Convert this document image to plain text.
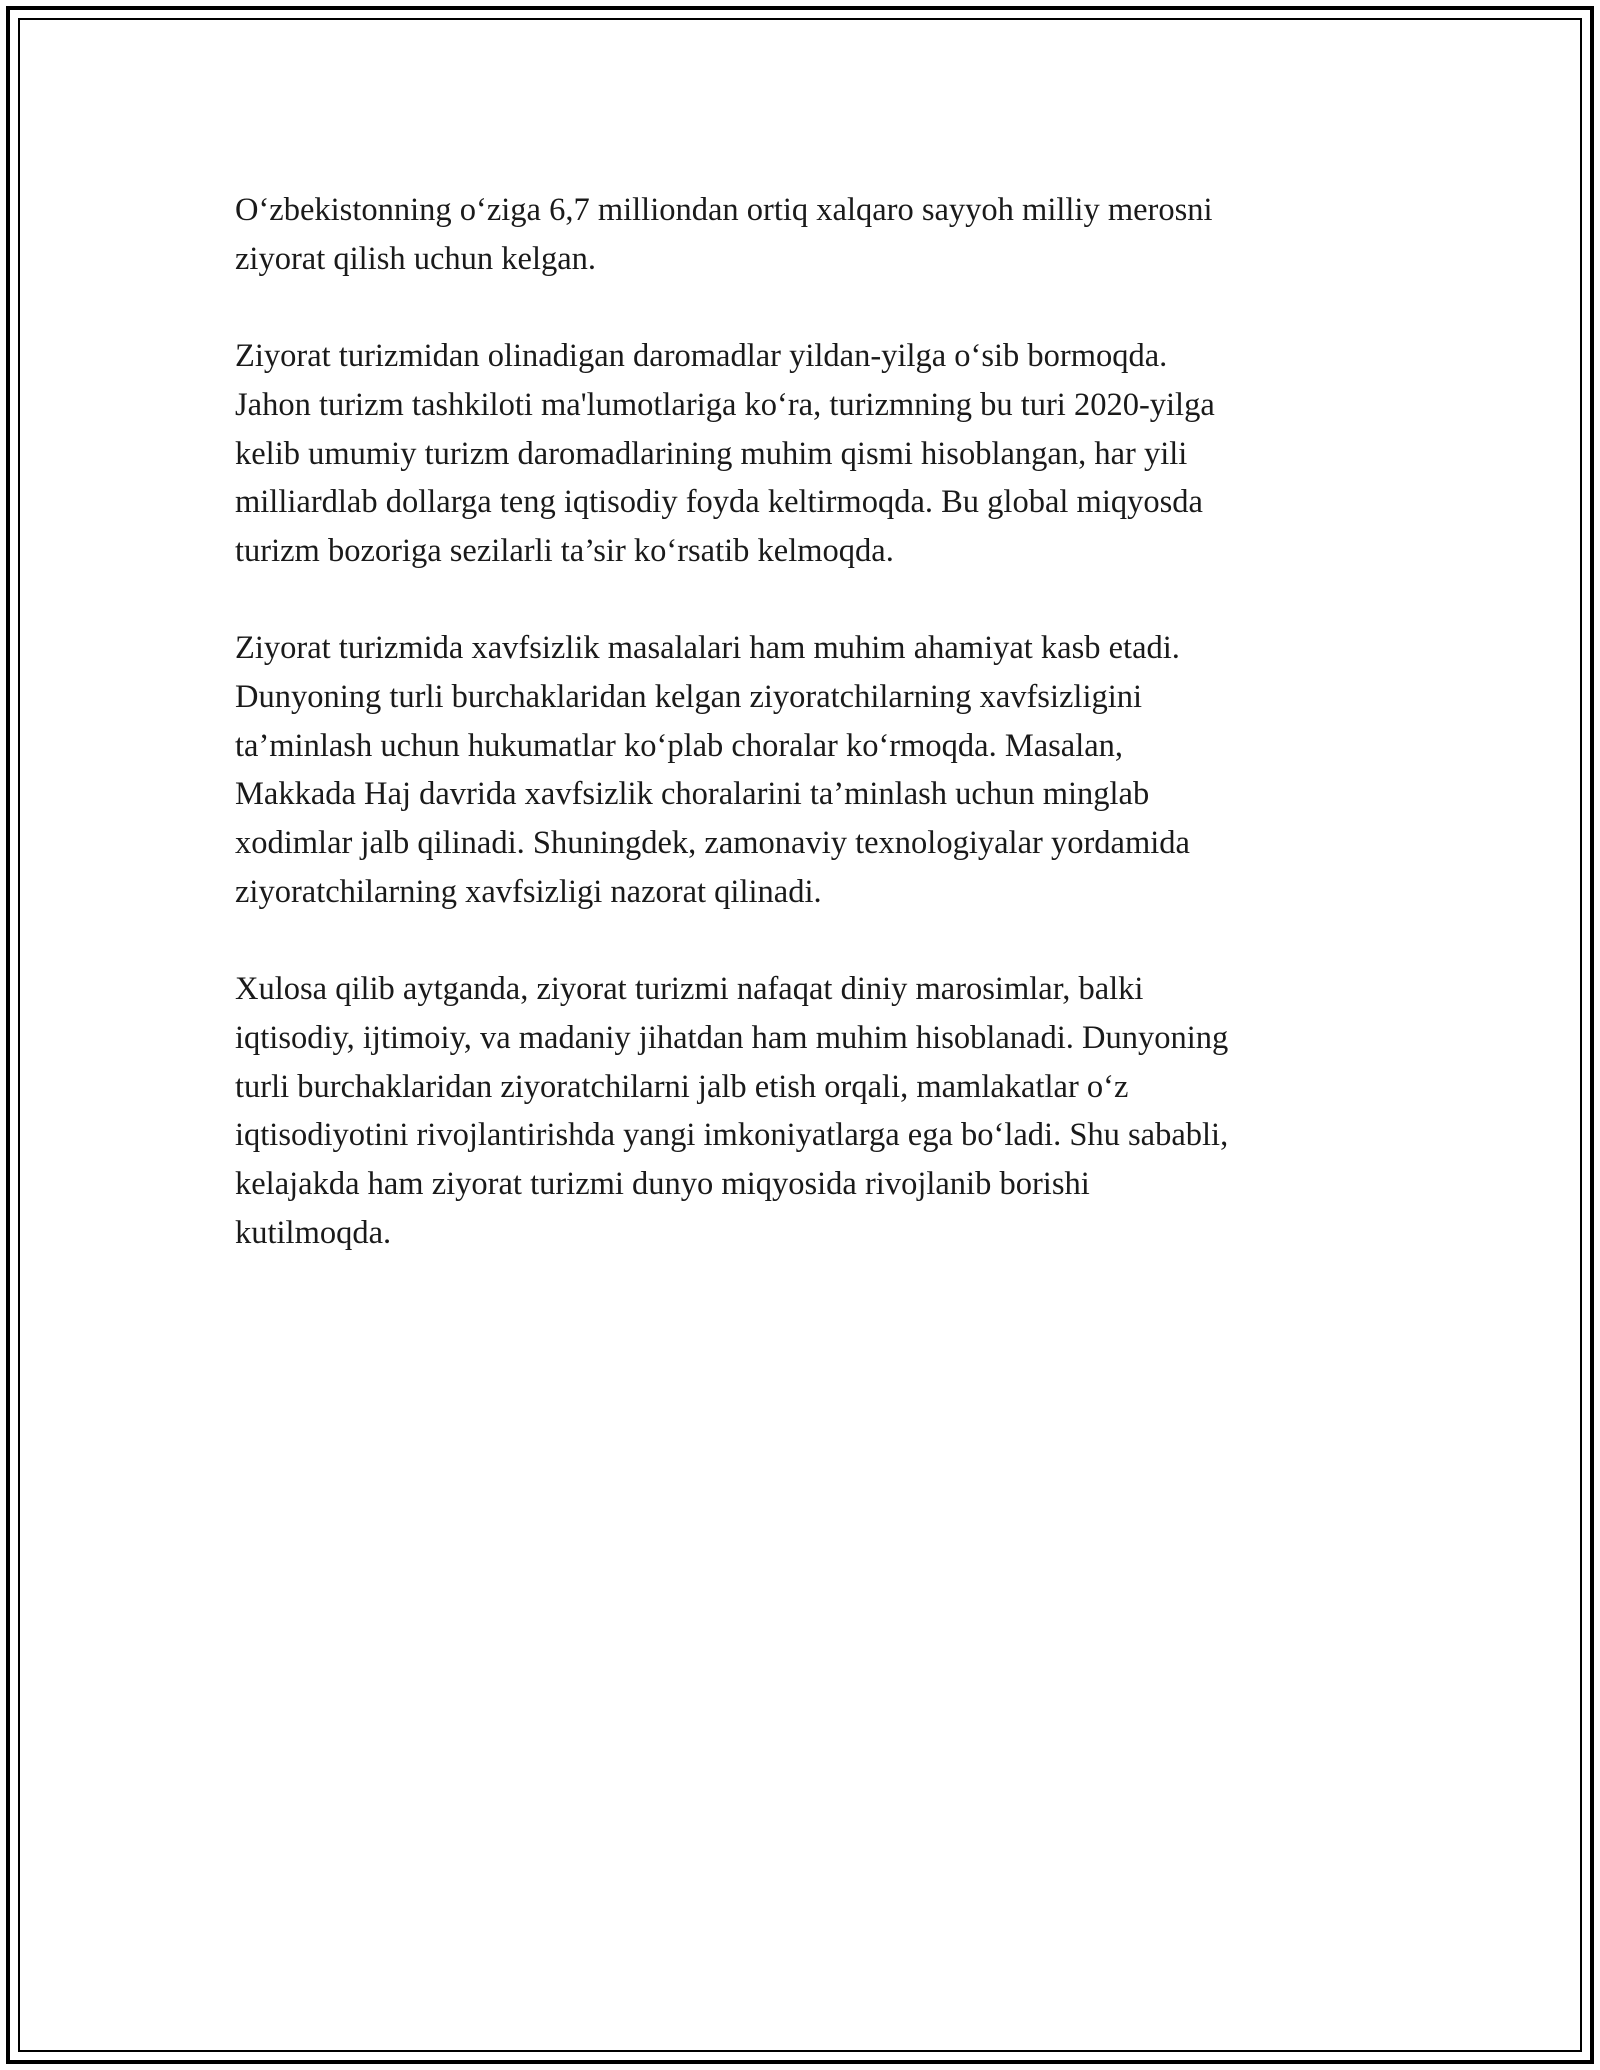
O‘zbekistonning o‘ziga 6,7 milliondan ortiq xalqaro sayyoh milliy merosni
ziyorat qilish uchun kelgan.

Ziyorat turizmidan olinadigan daromadlar yildan-yilga o‘sib bormoqda.
Jahon turizm tashkiloti ma'lumotlariga ko‘ra, turizmning bu turi 2020-yilga
kelib umumiy turizm daromadlarining muhim qismi hisoblangan, har yili
milliardlab dollarga teng iqtisodiy foyda keltirmoqda. Bu global miqyosda
turizm bozoriga sezilarli ta’sir ko‘rsatib kelmoqda.

Ziyorat turizmida xavfsizlik masalalari ham muhim ahamiyat kasb etadi.
Dunyoning turli burchaklaridan kelgan ziyoratchilarning xavfsizligini
ta’minlash uchun hukumatlar ko‘plab choralar ko‘rmoqda. Masalan,
Makkada Haj davrida xavfsizlik choralarini ta’minlash uchun minglab
xodimlar jalb qilinadi. Shuningdek, zamonaviy texnologiyalar yordamida
ziyoratchilarning xavfsizligi nazorat qilinadi.

Xulosa qilib aytganda, ziyorat turizmi nafaqat diniy marosimlar, balki
iqtisodiy, ijtimoiy, va madaniy jihatdan ham muhim hisoblanadi. Dunyoning
turli burchaklaridan ziyoratchilarni jalb etish orqali, mamlakatlar o‘z
iqtisodiyotini rivojlantirishda yangi imkoniyatlarga ega bo‘ladi. Shu sababli,
kelajakda ham ziyorat turizmi dunyo miqyosida rivojlanib borishi
kutilmoqda.
